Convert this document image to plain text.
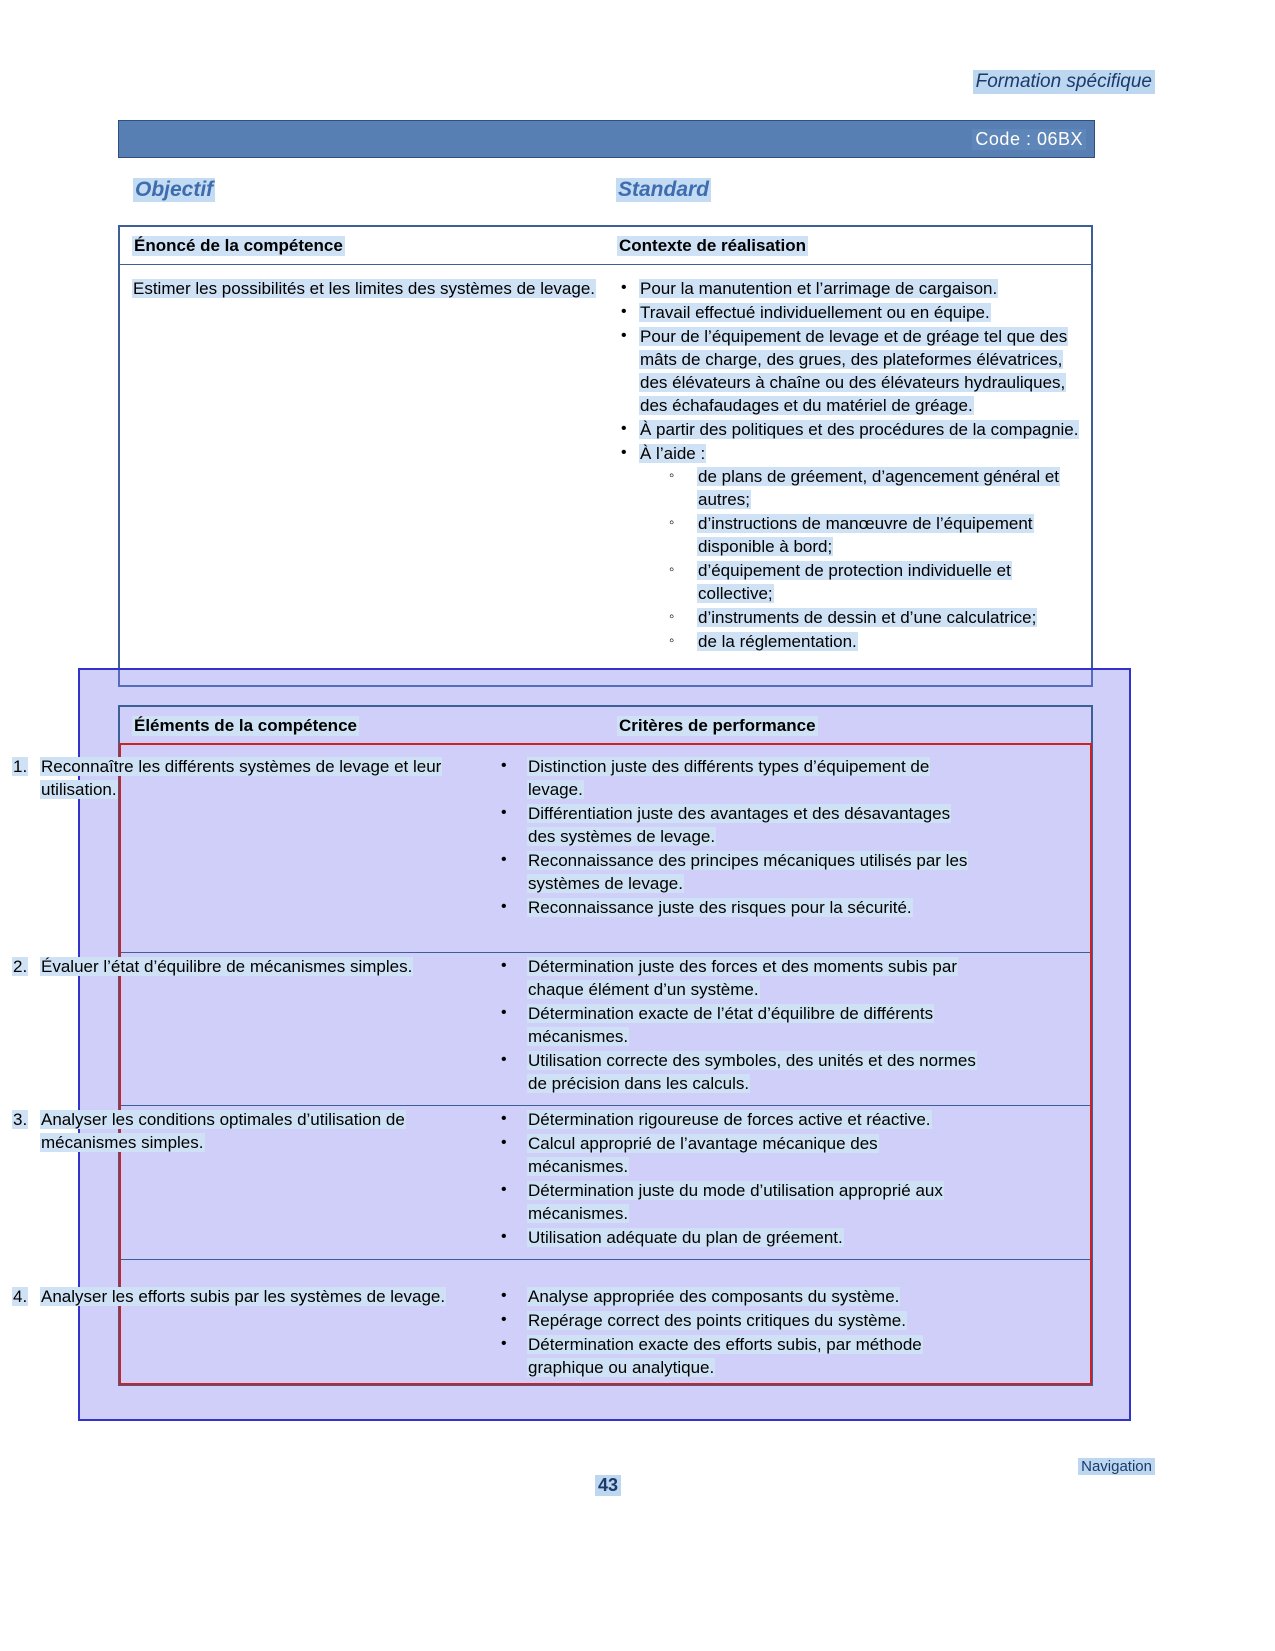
Formation spécifique
Code : 06BX
Objectif	Standard
Énoncé de la compétence	Contexte de réalisation
Estimer les possibilités et les limites des systèmes de levage.	• Pour la manutention et l’arrimage de cargaison.
• Travail effectué individuellement ou en équipe.
• Pour de l’équipement de levage et de gréage tel que des mâts de charge, des grues, des plateformes élévatrices, des élévateurs à chaîne ou des élévateurs hydrauliques, des échafaudages et du matériel de gréage.
• À partir des politiques et des procédures de la compagnie.
• À l’aide :
◦ de plans de gréement, d’agencement général et autres;
◦ d’instructions de manœuvre de l’équipement disponible à bord;
◦ d’équipement de protection individuelle et collective;
◦ d’instruments de dessin et d’une calculatrice;
◦ de la réglementation.
Éléments de la compétence	Critères de performance
1. Reconnaître les différents systèmes de levage et leur utilisation.
• Distinction juste des différents types d’équipement de levage.
• Différentiation juste des avantages et des désavantages des systèmes de levage.
• Reconnaissance des principes mécaniques utilisés par les systèmes de levage.
• Reconnaissance juste des risques pour la sécurité.
2. Évaluer l’état d’équilibre de mécanismes simples.	• Détermination juste des forces et des moments subis par chaque élément d’un système.
• Détermination exacte de l’état d’équilibre de différents mécanismes.
• Utilisation correcte des symboles, des unités et des normes de précision dans les calculs.
3. Analyser les conditions optimales d’utilisation de mécanismes simples.
• Détermination rigoureuse de forces active et réactive.
• Calcul approprié de l’avantage mécanique des mécanismes.
• Détermination juste du mode d’utilisation approprié aux mécanismes.
• Utilisation adéquate du plan de gréement.
4. Analyser les efforts subis par les systèmes de levage.	• Analyse appropriée des composants du système.
• Repérage correct des points critiques du système.
• Détermination exacte des efforts subis, par méthode graphique ou analytique.
43
Navigation
